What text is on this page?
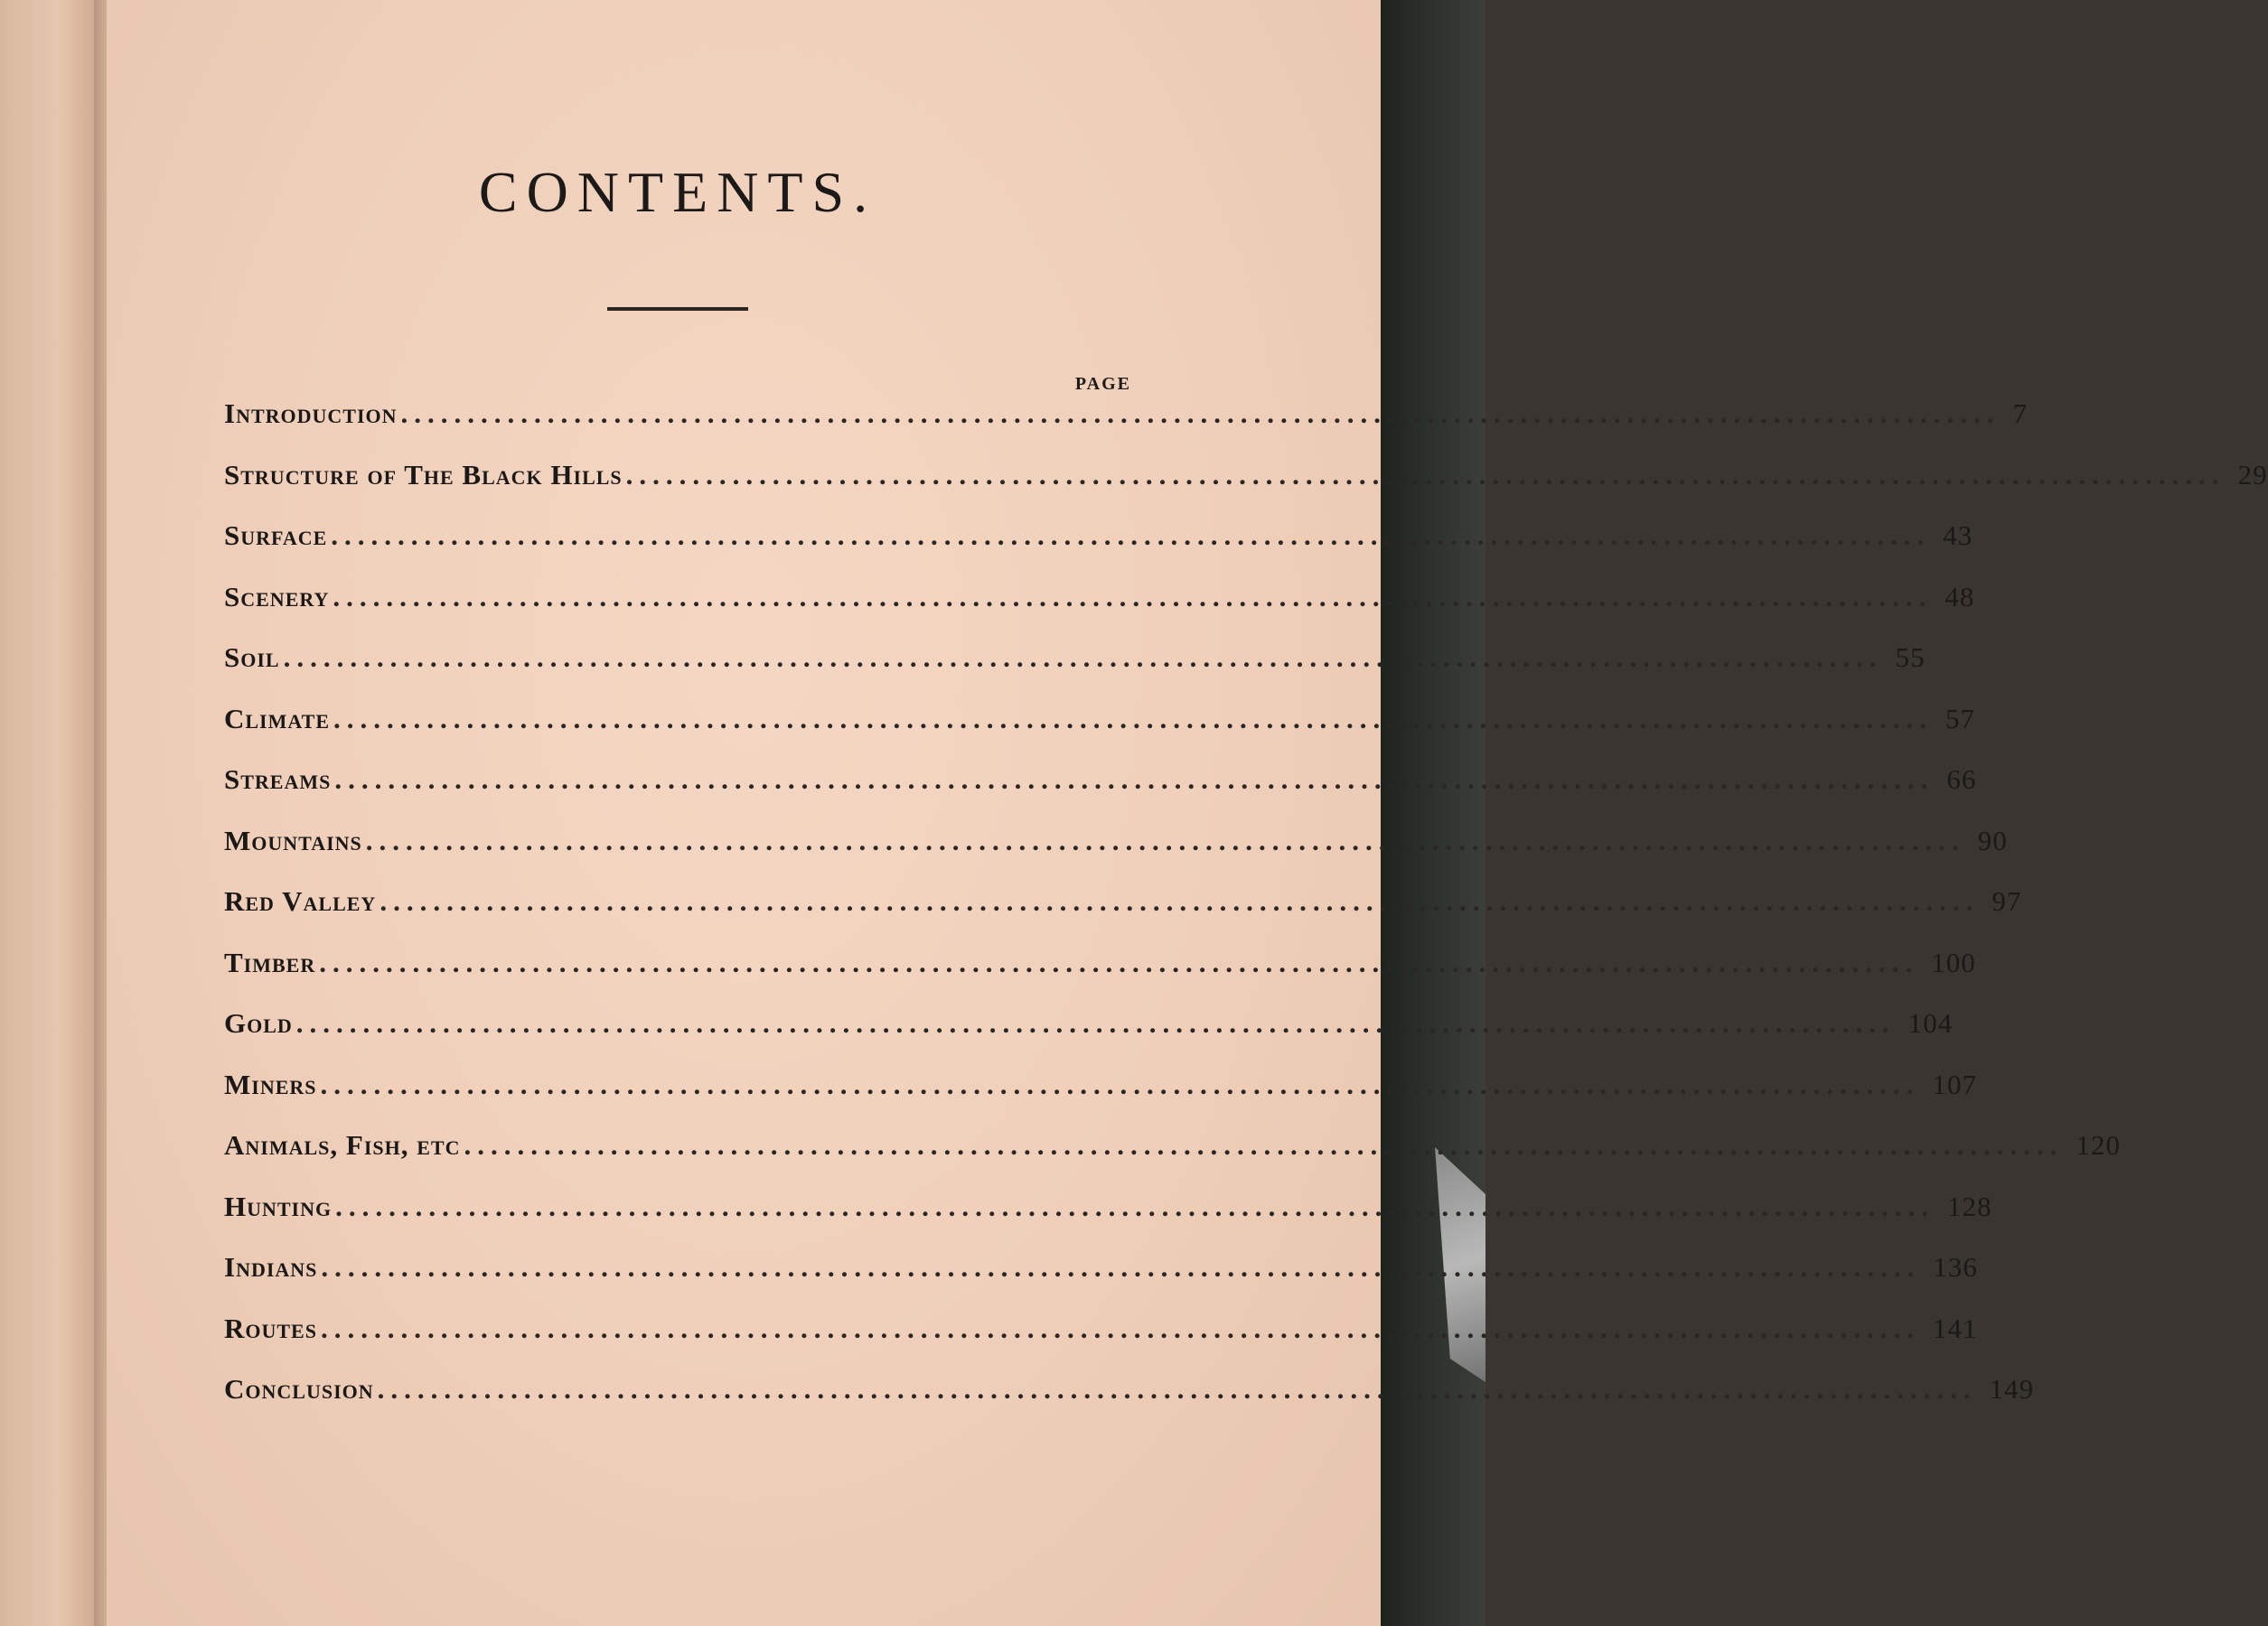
CONTENTS.
PAGE
Introduction ........................................................................................................................ 7
Structure of The Black Hills ........................................................................................................................ 29
Surface ........................................................................................................................ 43
Scenery ........................................................................................................................ 48
Soil ........................................................................................................................ 55
Climate ........................................................................................................................ 57
Streams ........................................................................................................................ 66
Mountains ........................................................................................................................ 90
Red Valley ........................................................................................................................ 97
Timber ........................................................................................................................ 100
Gold ........................................................................................................................ 104
Miners ........................................................................................................................ 107
Animals, Fish, etc ........................................................................................................................ 120
Hunting ........................................................................................................................ 128
Indians ........................................................................................................................ 136
Routes ........................................................................................................................ 141
Conclusion ........................................................................................................................ 149
